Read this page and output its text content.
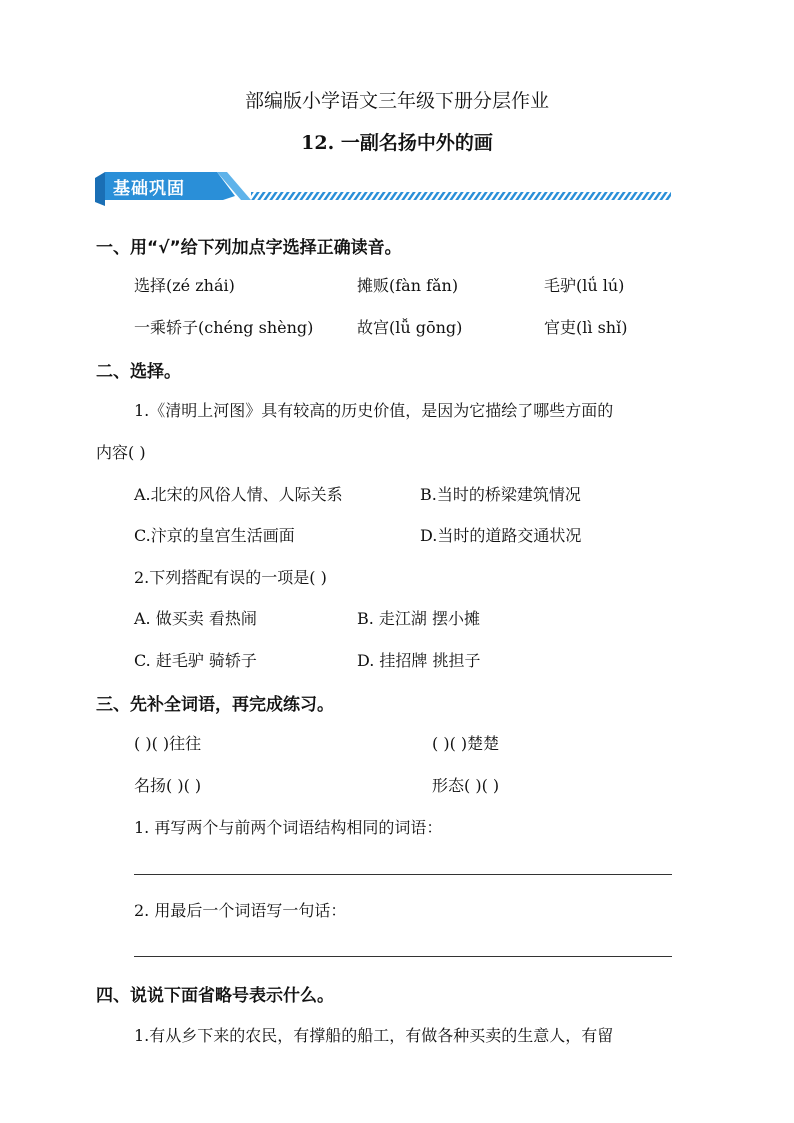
部编版小学语文三年级下册分层作业
12. 一副名扬中外的画
基础巩固
一、用“√”给下列加点字选择正确读音。
选择(zé zhái)	摊贩(fàn fǎn)	毛驴(lǘ lú)
一乘轿子(chéng shèng)	故宫(lǚ gōng)	官吏(lì shǐ)
二、选择。
1.《清明上河图》具有较高的历史价值，是因为它描绘了哪些方面的
内容( )
A.北宋的风俗人情、人际关系	B.当时的桥梁建筑情况
C.汴京的皇宫生活画面	D.当时的道路交通状况
2.下列搭配有误的一项是( )
A. 做买卖 看热闹	B. 走江湖 摆小摊
C. 赶毛驴 骑轿子	D. 挂招牌 挑担子
三、先补全词语，再完成练习。
( )( )往往	( )( )楚楚
名扬( )( )	形态( )( )
1. 再写两个与前两个词语结构相同的词语：
2. 用最后一个词语写一句话：
四、说说下面省略号表示什么。
1.有从乡下来的农民，有撑船的船工，有做各种买卖的生意人，有留
